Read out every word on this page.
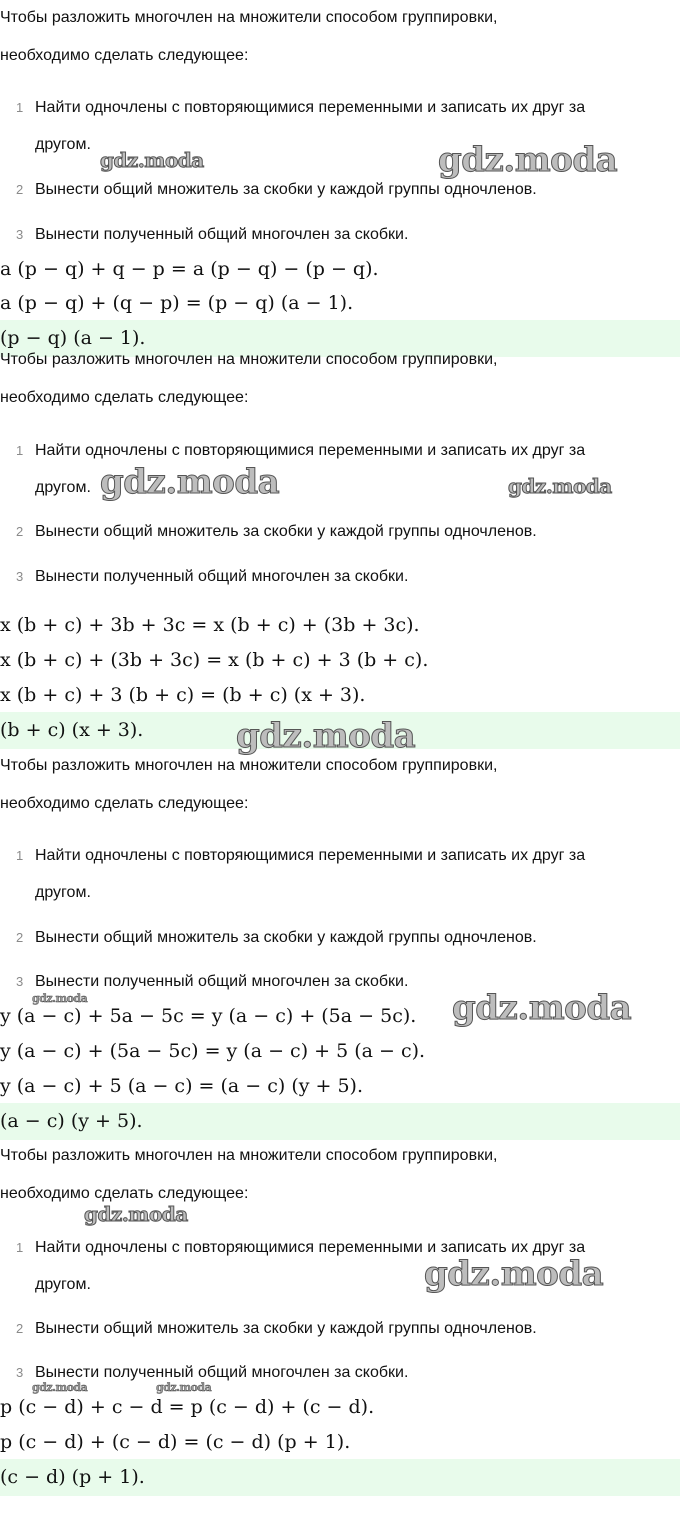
Чтобы разложить многочлен на множители способом группировки,
необходимо сделать следующее:
1 Найти одночлены с повторяющимися переменными и записать их друг за
другом.
2 Вынести общий множитель за скобки у каждой группы одночленов.
3 Вынести полученный общий многочлен за скобки.
a (p − q) + q − p = a (p − q) − (p − q).
a (p − q) + (q − p) = (p − q) (a − 1).
(p − q) (a − 1).
Чтобы разложить многочлен на множители способом группировки,
необходимо сделать следующее:
1 Найти одночлены с повторяющимися переменными и записать их друг за
другом.
2 Вынести общий множитель за скобки у каждой группы одночленов.
3 Вынести полученный общий многочлен за скобки.
x (b + c) + 3b + 3c = x (b + c) + (3b + 3c).
x (b + c) + (3b + 3c) = x (b + c) + 3 (b + c).
x (b + c) + 3 (b + c) = (b + c) (x + 3).
(b + c) (x + 3).
Чтобы разложить многочлен на множители способом группировки,
необходимо сделать следующее:
1 Найти одночлены с повторяющимися переменными и записать их друг за
другом.
2 Вынести общий множитель за скобки у каждой группы одночленов.
3 Вынести полученный общий многочлен за скобки.
y (a − c) + 5a − 5c = y (a − c) + (5a − 5c).
y (a − c) + (5a − 5c) = y (a − c) + 5 (a − c).
y (a − c) + 5 (a − c) = (a − c) (y + 5).
(a − c) (y + 5).
Чтобы разложить многочлен на множители способом группировки,
необходимо сделать следующее:
1 Найти одночлены с повторяющимися переменными и записать их друг за
другом.
2 Вынести общий множитель за скобки у каждой группы одночленов.
3 Вынести полученный общий многочлен за скобки.
p (c − d) + c − d = p (c − d) + (c − d).
p (c − d) + (c − d) = (c − d) (p + 1).
(c − d) (p + 1).
gdz.moda	gdz.moda
gdz.moda	gdz.moda
gdz.moda
gdz.moda	gdz.moda
gdz.moda
gdz.moda
gdz.moda	gdz.moda
